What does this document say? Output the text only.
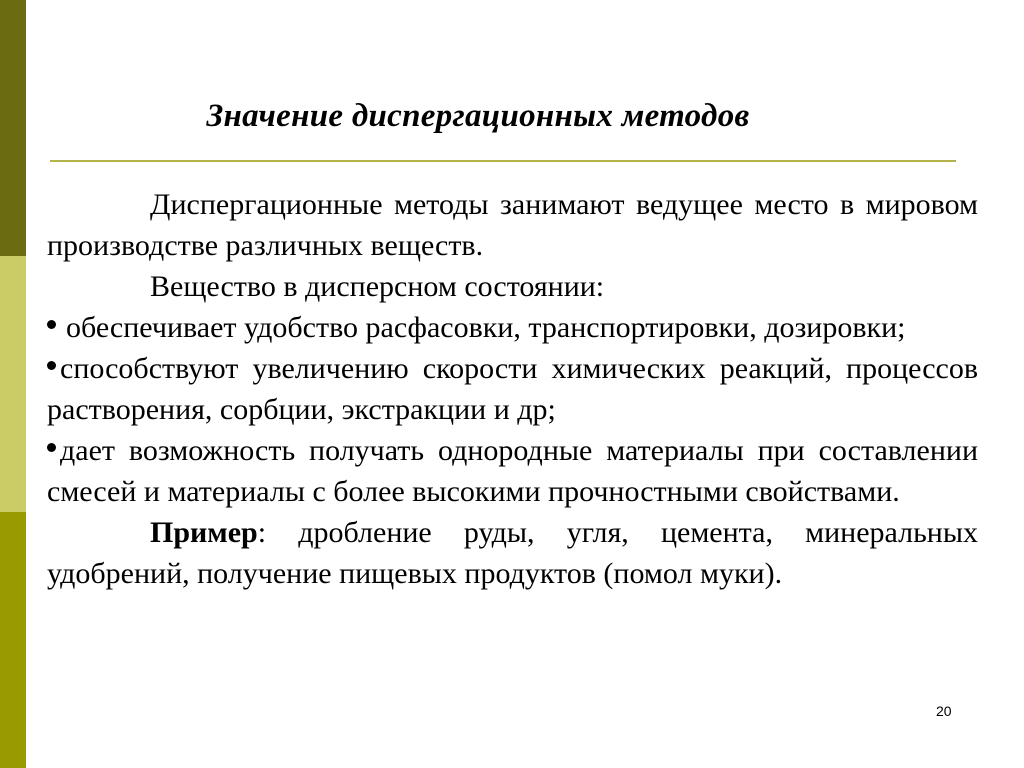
Значение диспергационных методов

Диспергационные методы занимают ведущее место в мировом производстве различных веществ.

Вещество в дисперсном состоянии:

обеспечивает удобство расфасовки, транспортировки, дозировки;

способствуют увеличению скорости химических реакций, процессов растворения, сорбции, экстракции и др;

дает возможность получать однородные материалы при составлении смесей и материалы с более высокими прочностными свойствами.

Пример: дробление руды, угля, цемента, минеральных удобрений, получение пищевых продуктов (помол муки).

20
